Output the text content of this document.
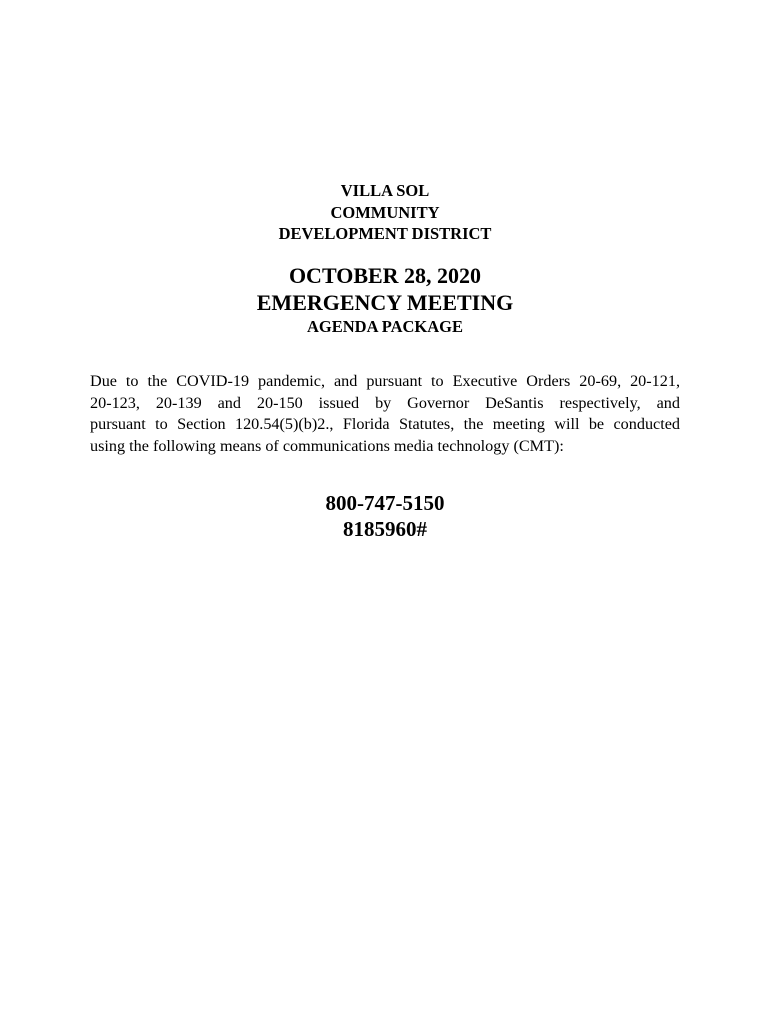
VILLA SOL
COMMUNITY
DEVELOPMENT DISTRICT
OCTOBER 28, 2020
EMERGENCY MEETING
AGENDA PACKAGE
Due to the COVID-19 pandemic, and pursuant to Executive Orders 20-69, 20-121,
20-123, 20-139 and 20-150 issued by Governor DeSantis respectively, and
pursuant to Section 120.54(5)(b)2., Florida Statutes, the meeting will be conducted
using the following means of communications media technology (CMT):
800-747-5150
8185960#
